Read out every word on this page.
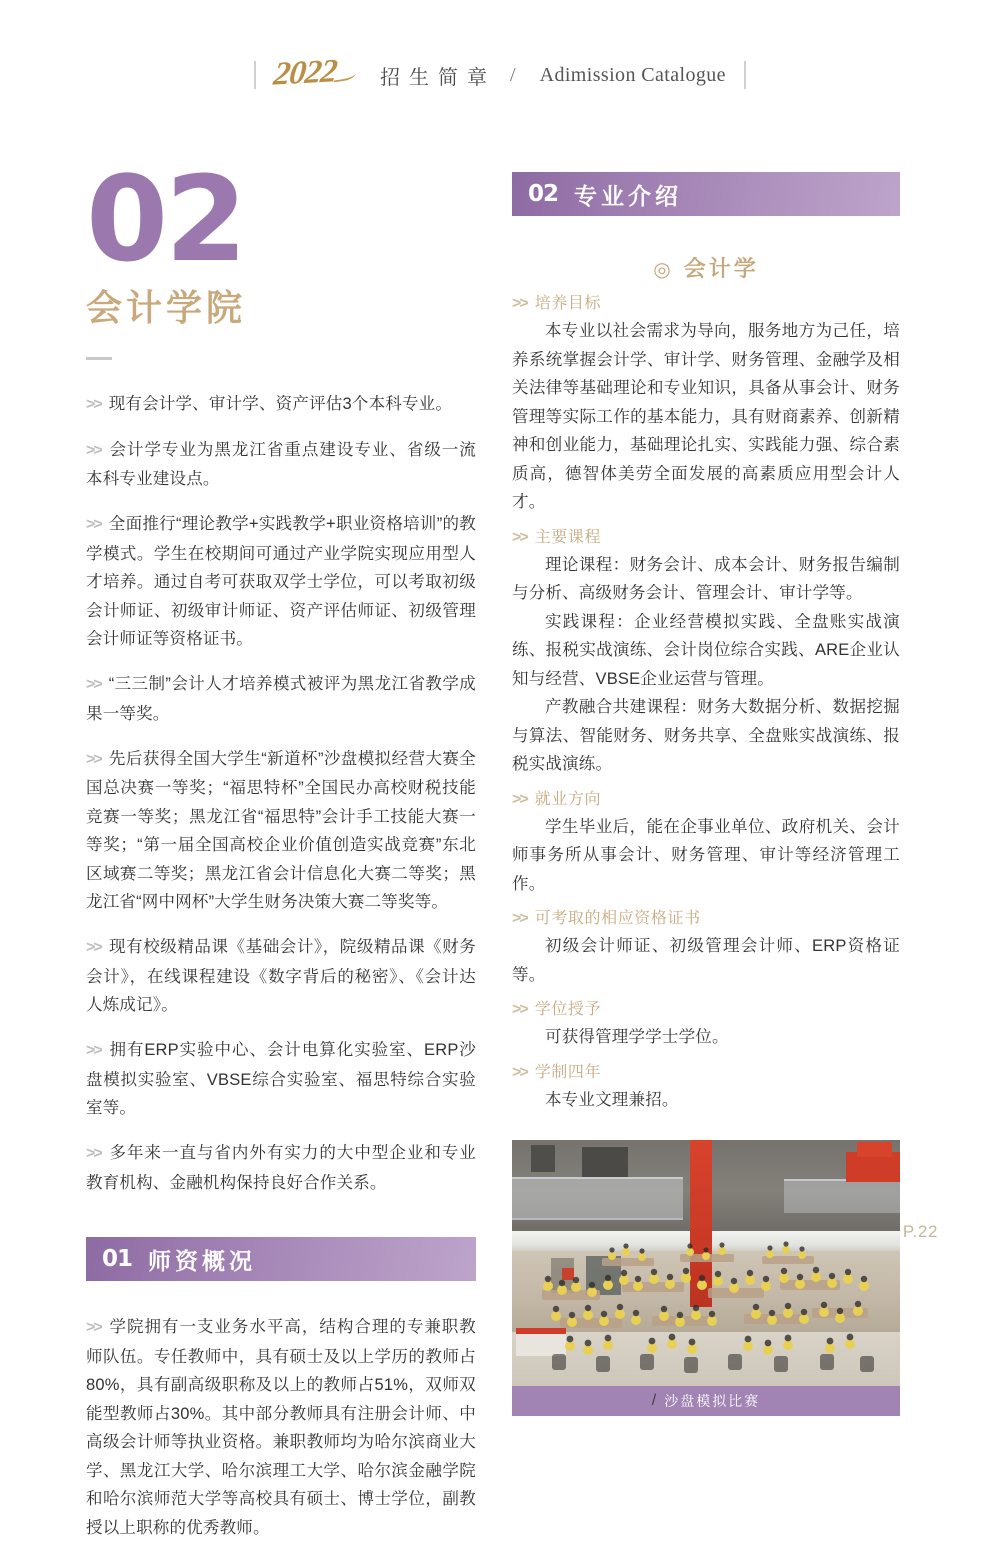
2022 招生简章 / Adimission Catalogue
02
会计学院

>> 现有会计学、审计学、资产评估3个本科专业。

>> 会计学专业为黑龙江省重点建设专业、省级一流本科专业建设点。

>> 全面推行“理论教学+实践教学+职业资格培训”的教学模式。学生在校期间可通过产业学院实现应用型人才培养。通过自考可获取双学士学位，可以考取初级会计师证、初级审计师证、资产评估师证、初级管理会计师证等资格证书。

>> “三三制”会计人才培养模式被评为黑龙江省教学成果一等奖。

>> 先后获得全国大学生“新道杯”沙盘模拟经营大赛全国总决赛一等奖；“福思特杯”全国民办高校财税技能竞赛一等奖；黑龙江省“福思特”会计手工技能大赛一等奖；“第一届全国高校企业价值创造实战竞赛”东北区域赛二等奖；黑龙江省会计信息化大赛二等奖；黑龙江省“网中网杯”大学生财务决策大赛二等奖等。

>> 现有校级精品课《基础会计》，院级精品课《财务会计》，在线课程建设《数字背后的秘密》、《会计达人炼成记》。

>> 拥有ERP实验中心、会计电算化实验室、ERP沙盘模拟实验室、VBSE综合实验室、福思特综合实验室等。

>> 多年来一直与省内外有实力的大中型企业和专业教育机构、金融机构保持良好合作关系。

01 师资概况

>> 学院拥有一支业务水平高，结构合理的专兼职教师队伍。专任教师中，具有硕士及以上学历的教师占80%，具有副高级职称及以上的教师占51%，双师双能型教师占30%。其中部分教师具有注册会计师、中高级会计师等执业资格。兼职教师均为哈尔滨商业大学、黑龙江大学、哈尔滨理工大学、哈尔滨金融学院和哈尔滨师范大学等高校具有硕士、博士学位，副教授以上职称的优秀教师。

02 专业介绍
◎ 会计学
>> 培养目标
本专业以社会需求为导向，服务地方为己任，培养系统掌握会计学、审计学、财务管理、金融学及相关法律等基础理论和专业知识，具备从事会计、财务管理等实际工作的基本能力，具有财商素养、创新精神和创业能力，基础理论扎实、实践能力强、综合素质高，德智体美劳全面发展的高素质应用型会计人才。
>> 主要课程
理论课程：财务会计、成本会计、财务报告编制与分析、高级财务会计、管理会计、审计学等。
实践课程：企业经营模拟实践、全盘账实战演练、报税实战演练、会计岗位综合实践、ARE企业认知与经营、VBSE企业运营与管理。
产教融合共建课程：财务大数据分析、数据挖掘与算法、智能财务、财务共享、全盘账实战演练、报税实战演练。
>> 就业方向
学生毕业后，能在企事业单位、政府机关、会计师事务所从事会计、财务管理、审计等经济管理工作。
>> 可考取的相应资格证书
初级会计师证、初级管理会计师、ERP资格证等。
>> 学位授予
可获得管理学学士学位。
>> 学制四年
本专业文理兼招。
/ 沙盘模拟比赛
P.22
